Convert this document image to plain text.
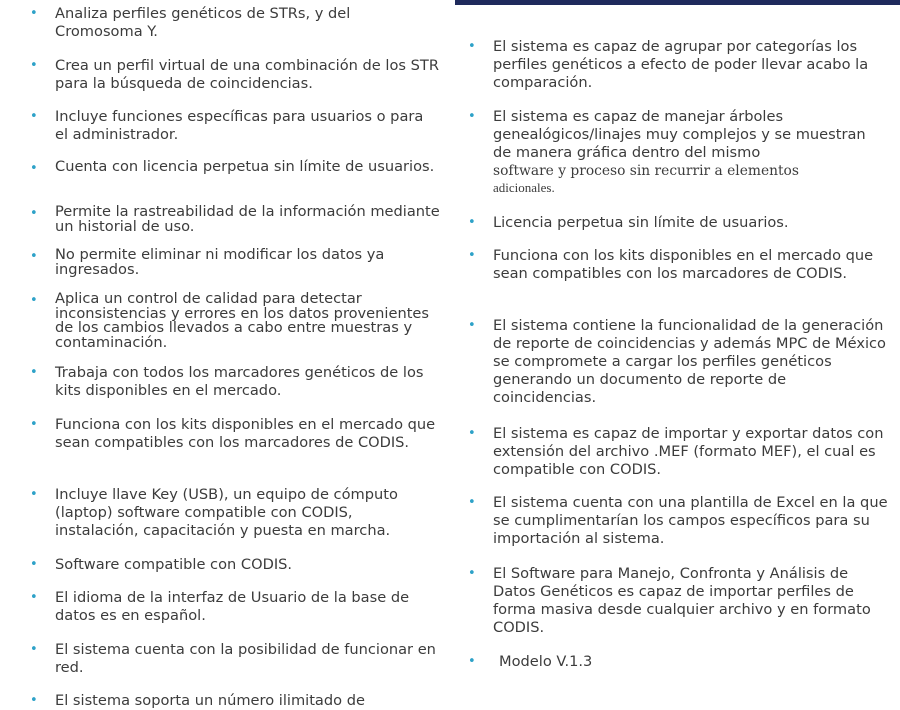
• Analiza perfiles genéticos de STRs, y del Cromosoma Y.
• Crea un perfil virtual de una combinación de los STR para la búsqueda de coincidencias.
• Incluye funciones específicas para usuarios o para el administrador.
• Cuenta con licencia perpetua sin límite de usuarios.
• Permite la rastreabilidad de la información mediante un historial de uso.
• No permite eliminar ni modificar los datos ya ingresados.
• Aplica un control de calidad para detectar inconsistencias y errores en los datos provenientes de los cambios llevados a cabo entre muestras y contaminación.
• Trabaja con todos los marcadores genéticos de los kits disponibles en el mercado.
• Funciona con los kits disponibles en el mercado que sean compatibles con los marcadores de CODIS.
• Incluye llave Key (USB), un equipo de cómputo (laptop) software compatible con CODIS, instalación, capacitación y puesta en marcha.
• Software compatible con CODIS.
• El idioma de la interfaz de Usuario de la base de datos es en español.
• El sistema cuenta con la posibilidad de funcionar en red.
• El sistema soporta un número ilimitado de
• El sistema es capaz de agrupar por categorías los perfiles genéticos a efecto de poder llevar acabo la comparación.
• El sistema es capaz de manejar árboles genealógicos/linajes muy complejos y se muestran de manera gráfica dentro del mismo
software y proceso sin recurrir a elementos
adicionales.
• Licencia perpetua sin límite de usuarios.
• Funciona con los kits disponibles en el mercado que sean compatibles con los marcadores de CODIS.
• El sistema contiene la funcionalidad de la generación de reporte de coincidencias y además MPC de México se compromete a cargar los perfiles genéticos generando un documento de reporte de coincidencias.
• El sistema es capaz de importar y exportar datos con extensión del archivo .MEF (formato MEF), el cual es compatible con CODIS.
• El sistema cuenta con una plantilla de Excel en la que se cumplimentarían los campos específicos para su importación al sistema.
• El Software para Manejo, Confronta y Análisis de Datos Genéticos es capaz de importar perfiles de forma masiva desde cualquier archivo y en formato CODIS.
• Modelo V.1.3
